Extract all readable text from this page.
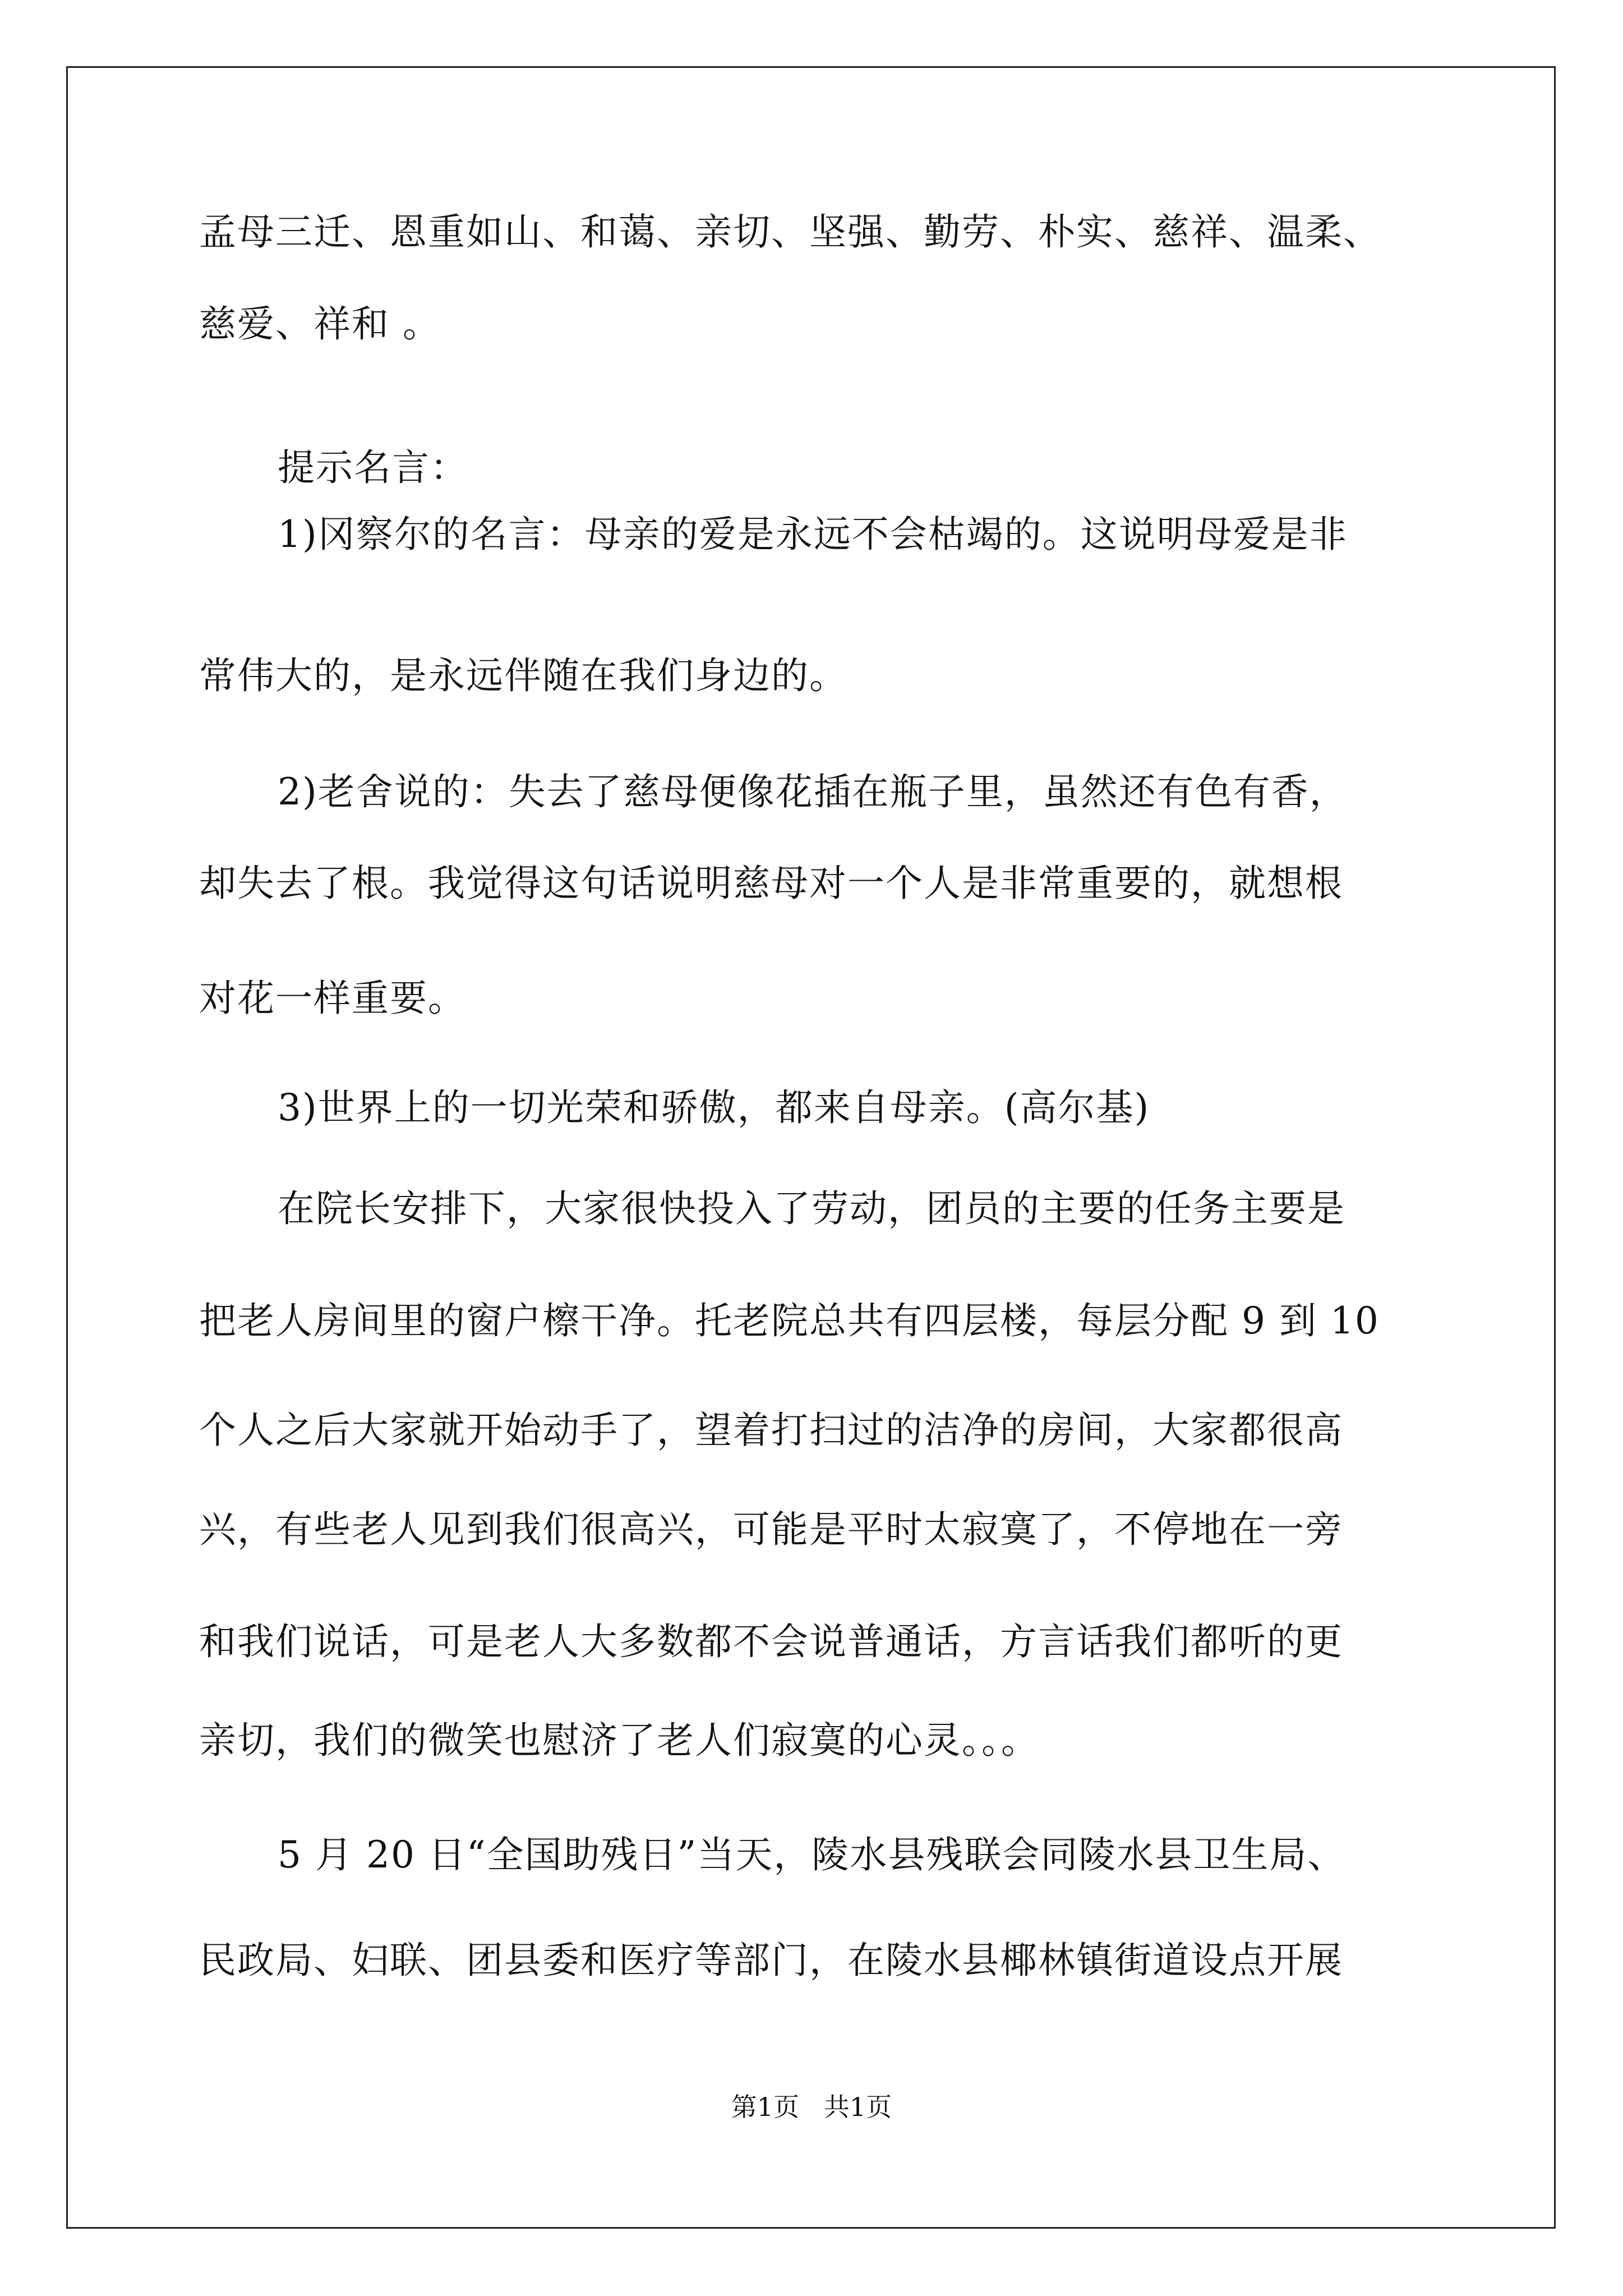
孟母三迁、恩重如山、和蔼、亲切、坚强、勤劳、朴实、慈祥、温柔、
慈爱、祥和 。
提示名言：
1)冈察尔的名言：母亲的爱是永远不会枯竭的。这说明母爱是非
常伟大的，是永远伴随在我们身边的。
2)老舍说的：失去了慈母便像花插在瓶子里，虽然还有色有香，
却失去了根。我觉得这句话说明慈母对一个人是非常重要的，就想根
对花一样重要。
3)世界上的一切光荣和骄傲，都来自母亲。(高尔基)
在院长安排下，大家很快投入了劳动，团员的主要的任务主要是
把老人房间里的窗户檫干净。托老院总共有四层楼，每层分配 9 到 10
个人之后大家就开始动手了，望着打扫过的洁净的房间，大家都很高
兴，有些老人见到我们很高兴，可能是平时太寂寞了，不停地在一旁
和我们说话，可是老人大多数都不会说普通话，方言话我们都听的更
亲切，我们的微笑也慰济了老人们寂寞的心灵。。。
5 月 20 日“全国助残日”当天，陵水县残联会同陵水县卫生局、
民政局、妇联、团县委和医疗等部门，在陵水县椰林镇街道设点开展
第1页   共1页
